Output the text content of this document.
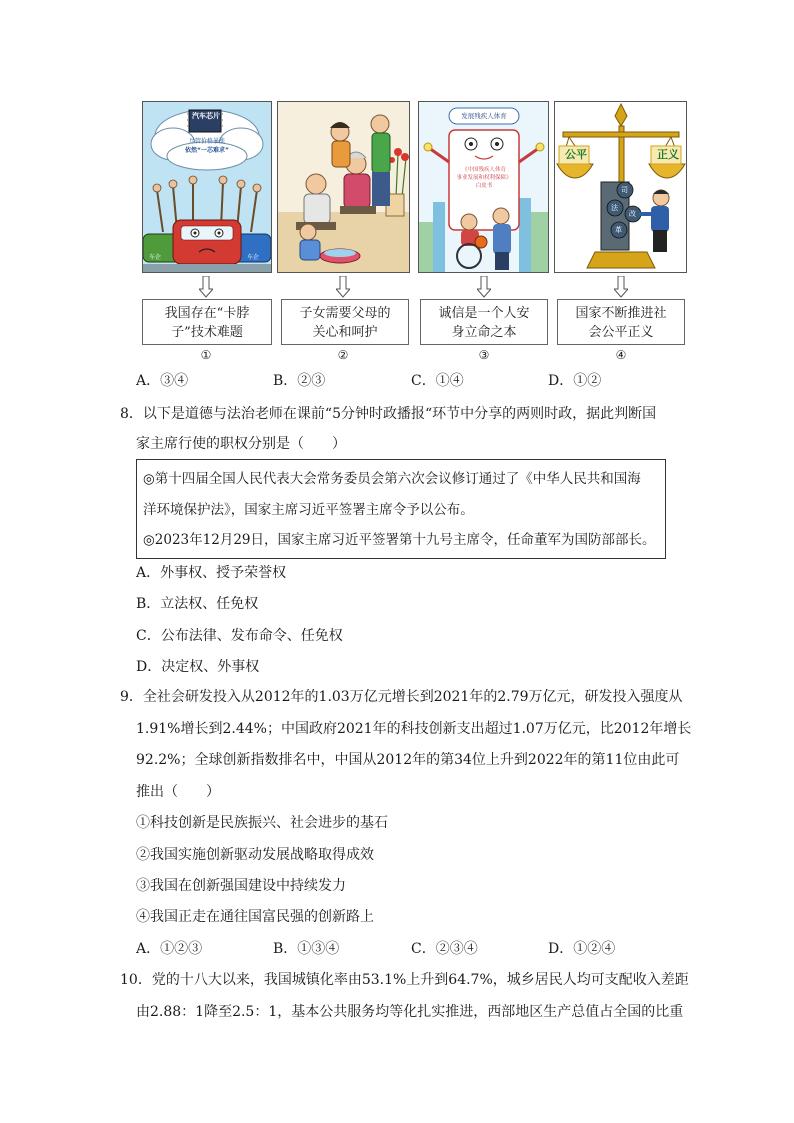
汽车芯片
尽管价格暴涨
依然“一芯难求”
车企	车企
发展残疾人体育
《中国残疾人体育
事业发展和权利保障》
白皮书
公平	正义
司
法
改
革
我国存在“卡脖
子”技术难题
子女需要父母的
关心和呵护
诚信是一个人安
身立命之本
国家不断推进社
会公平正义
①	②	③	④
A．③④	B．②③	C．①④	D．①②
8．以下是道德与法治老师在课前“5分钟时政播报“环节中分享的两则时政，据此判断国
家主席行使的职权分别是（　　）
◎第十四届全国人民代表大会常务委员会第六次会议修订通过了《中华人民共和国海
洋环境保护法》，国家主席习近平签署主席令予以公布。
◎2023年12月29日，国家主席习近平签署第十九号主席令，任命董军为国防部部长。
A．外事权、授予荣誉权
B．立法权、任免权
C．公布法律、发布命令、任免权
D．决定权、外事权
9．全社会研发投入从2012年的1.03万亿元增长到2021年的2.79万亿元，研发投入强度从
1.91%增长到2.44%；中国政府2021年的科技创新支出超过1.07万亿元，比2012年增长
92.2%；全球创新指数排名中，中国从2012年的第34位上升到2022年的第11位由此可
推出（　　）
①科技创新是民族振兴、社会进步的基石
②我国实施创新驱动发展战略取得成效
③我国在创新强国建设中持续发力
④我国正走在通往国富民强的创新路上
A．①②③	B．①③④	C．②③④	D．①②④
10．党的十八大以来，我国城镇化率由53.1%上升到64.7%，城乡居民人均可支配收入差距
由2.88：1降至2.5：1，基本公共服务均等化扎实推进，西部地区生产总值占全国的比重
